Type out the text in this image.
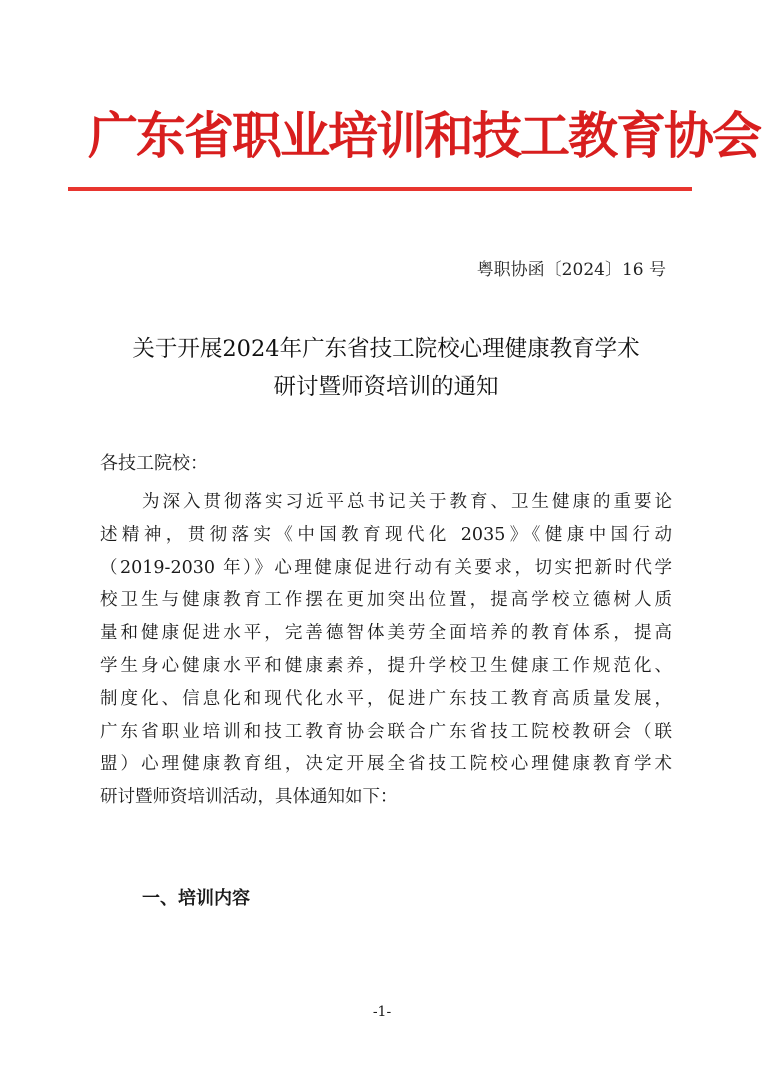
广东省职业培训和技工教育协会
粤职协函〔2024〕16 号
关于开展2024年广东省技工院校心理健康教育学术
研讨暨师资培训的通知
各技工院校：
为深入贯彻落实习近平总书记关于教育、卫生健康的重要论
述精神，贯彻落实《中国教育现代化 2035》《健康中国行动
（2019-2030 年）》心理健康促进行动有关要求，切实把新时代学
校卫生与健康教育工作摆在更加突出位置，提高学校立德树人质
量和健康促进水平，完善德智体美劳全面培养的教育体系，提高
学生身心健康水平和健康素养，提升学校卫生健康工作规范化、
制度化、信息化和现代化水平，促进广东技工教育高质量发展，
广东省职业培训和技工教育协会联合广东省技工院校教研会（联
盟）心理健康教育组，决定开展全省技工院校心理健康教育学术
研讨暨师资培训活动，具体通知如下：
一、培训内容
-1-
